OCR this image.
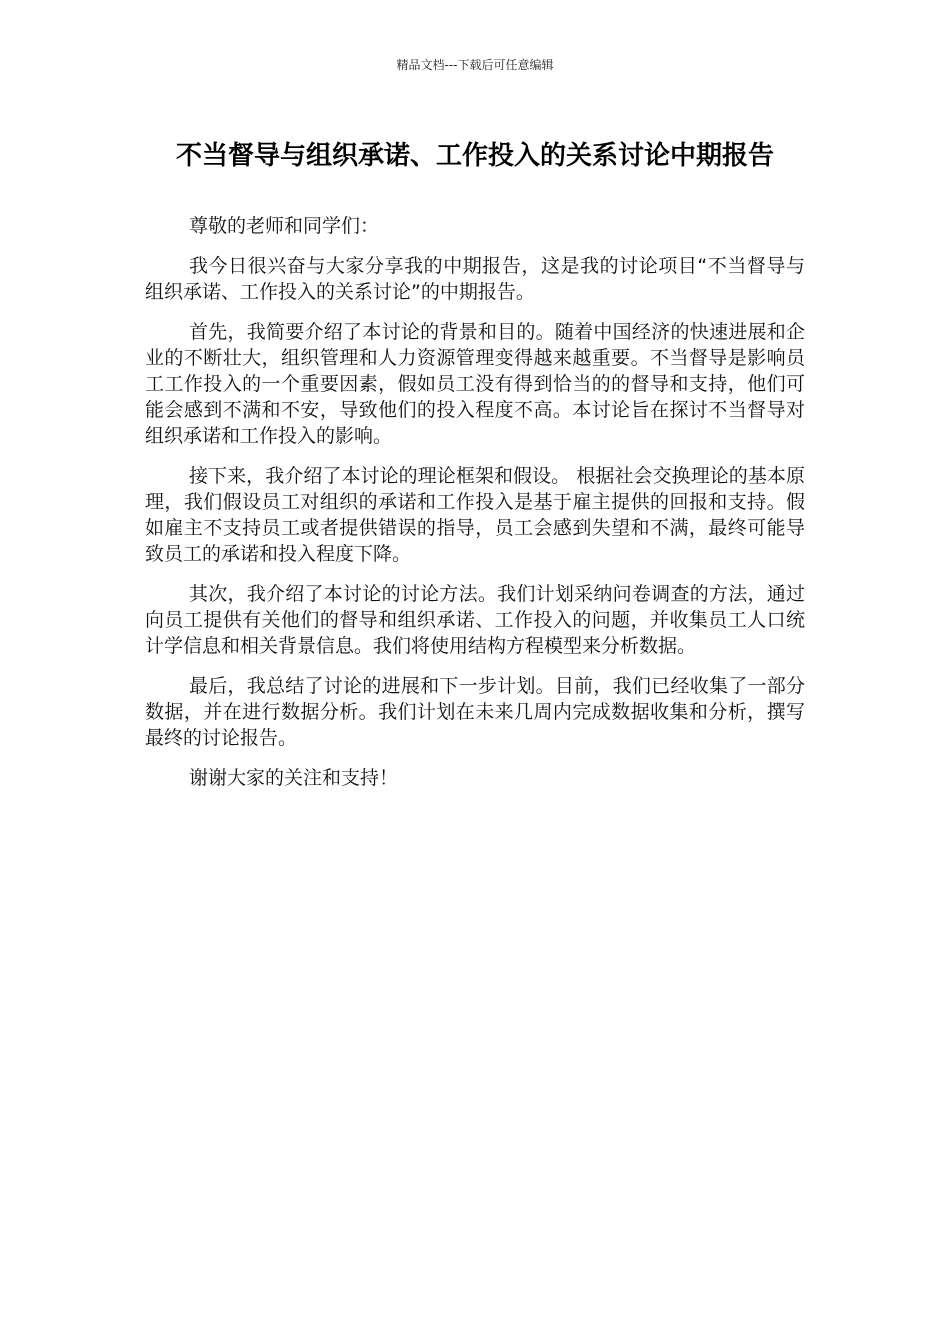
精品文档---下载后可任意编辑
不当督导与组织承诺、工作投入的关系讨论中期报告

尊敬的老师和同学们：

我今日很兴奋与大家分享我的中期报告，这是我的讨论项目“不当督导与组织承诺、工作投入的关系讨论”的中期报告。

首先，我简要介绍了本讨论的背景和目的。随着中国经济的快速进展和企业的不断壮大，组织管理和人力资源管理变得越来越重要。不当督导是影响员工工作投入的一个重要因素，假如员工没有得到恰当的的督导和支持，他们可能会感到不满和不安，导致他们的投入程度不高。本讨论旨在探讨不当督导对组织承诺和工作投入的影响。

接下来，我介绍了本讨论的理论框架和假设。 根据社会交换理论的基本原理，我们假设员工对组织的承诺和工作投入是基于雇主提供的回报和支持。假如雇主不支持员工或者提供错误的指导，员工会感到失望和不满，最终可能导致员工的承诺和投入程度下降。

其次，我介绍了本讨论的讨论方法。我们计划采纳问卷调查的方法，通过向员工提供有关他们的督导和组织承诺、工作投入的问题，并收集员工人口统计学信息和相关背景信息。我们将使用结构方程模型来分析数据。

最后，我总结了讨论的进展和下一步计划。目前，我们已经收集了一部分数据，并在进行数据分析。我们计划在未来几周内完成数据收集和分析，撰写最终的讨论报告。

谢谢大家的关注和支持！
